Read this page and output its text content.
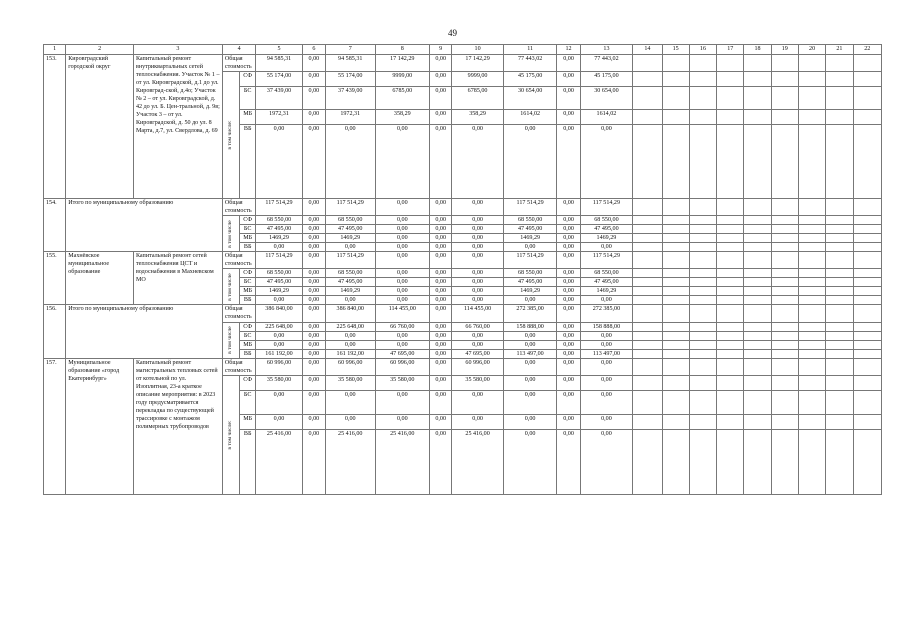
49
1	2	3	4		5	6	7	8	9	10	11	12	13	14	15	16	17	18	19	20	21	22
153.	Кировградский городской округ	Капитальный ремонт внутриквартальных сетей теплоснабжения. Участок № 1 – от ул. Кировградской, д.1 до ул. Кировград-ской, д.4о; Участок № 2 – от ул. Кировградской, д. 42 до ул. Б. Цен-тральной, д. 9в; Участок 3 – от ул. Кировградской, д. 50 до ул. 8 Марта, д.7, ул. Свердлова, д. 69	Общая стоимость		94 585,31	0,00	94 585,31	17 142,29	0,00	17 142,29	77 443,02	0,00	77 443,02									

			в том числе:	СФ	55 174,00	0,00	55 174,00	9999,00	0,00	9999,00	45 175,00	0,00	45 175,00									
				БС	37 439,00	0,00	37 439,00	6785,00	0,00	6785,00	30 654,00	0,00	30 654,00									
				МБ	1972,31	0,00	1972,31	358,29	0,00	358,29	1614,02	0,00	1614,02									
				ВБ	0,00	0,00	0,00	0,00	0,00	0,00	0,00	0,00	0,00									
154.	Итого по муниципальному образованию		Общая стоимость		117 514,29	0,00	117 514,29	0,00	0,00	0,00	117 514,29	0,00	117 514,29									

			в том числе	СФ	68 550,00	0,00	68 550,00	0,00	0,00	0,00	68 550,00	0,00	68 550,00									
				БС	47 495,00	0,00	47 495,00	0,00	0,00	0,00	47 495,00	0,00	47 495,00									
				МБ	1469,29	0,00	1469,29	0,00	0,00	0,00	1469,29	0,00	1469,29									
				ВБ	0,00	0,00	0,00	0,00	0,00	0,00	0,00	0,00	0,00									
155.	Махнёвское муниципальное образование	Капитальный ремонт сетей теплоснабжения ЦСТ и водоснабжения в Махневском МО	Общая стоимость		117 514,29	0,00	117 514,29	0,00	0,00	0,00	117 514,29	0,00	117 514,29									

			в том числе	СФ	68 550,00	0,00	68 550,00	0,00	0,00	0,00	68 550,00	0,00	68 550,00									
				БС	47 495,00	0,00	47 495,00	0,00	0,00	0,00	47 495,00	0,00	47 495,00									
				МБ	1469,29	0,00	1469,29	0,00	0,00	0,00	1469,29	0,00	1469,29									
				ВБ	0,00	0,00	0,00	0,00	0,00	0,00	0,00	0,00	0,00									
156.	Итого по муниципальному образованию		Общая стоимость		386 840,00	0,00	386 840,00	114 455,00	0,00	114 455,00	272 385,00	0,00	272 385,00									

			в том числе	СФ	225 648,00	0,00	225 648,00	66 760,00	0,00	66 760,00	158 888,00	0,00	158 888,00									
				БС	0,00	0,00	0,00	0,00	0,00	0,00	0,00	0,00	0,00									
				МБ	0,00	0,00	0,00	0,00	0,00	0,00	0,00	0,00	0,00									
				ВБ	161 192,00	0,00	161 192,00	47 695,00	0,00	47 695,00	113 497,00	0,00	113 497,00									
157.	Муниципальное образование «город Екатеринбург»	Капитальный ремонт магистральных тепловых сетей от котельной по ул. Изоплитная, 23-а краткое описание мероприятия: в 2023 году предусматривается перекладка по существующей трассировке с монтажом полимерных трубопроводов	Общая стоимость		60 996,00	0,00	60 996,00	60 996,00	0,00	60 996,00	0,00	0,00	0,00									

			в том числе:	СФ	35 580,00	0,00	35 580,00	35 580,00	0,00	35 580,00	0,00	0,00	0,00									
				БС	0,00	0,00	0,00	0,00	0,00	0,00	0,00	0,00	0,00									
				МБ	0,00	0,00	0,00	0,00	0,00	0,00	0,00	0,00	0,00									
				ВБ	25 416,00	0,00	25 416,00	25 416,00	0,00	25 416,00	0,00	0,00	0,00									
